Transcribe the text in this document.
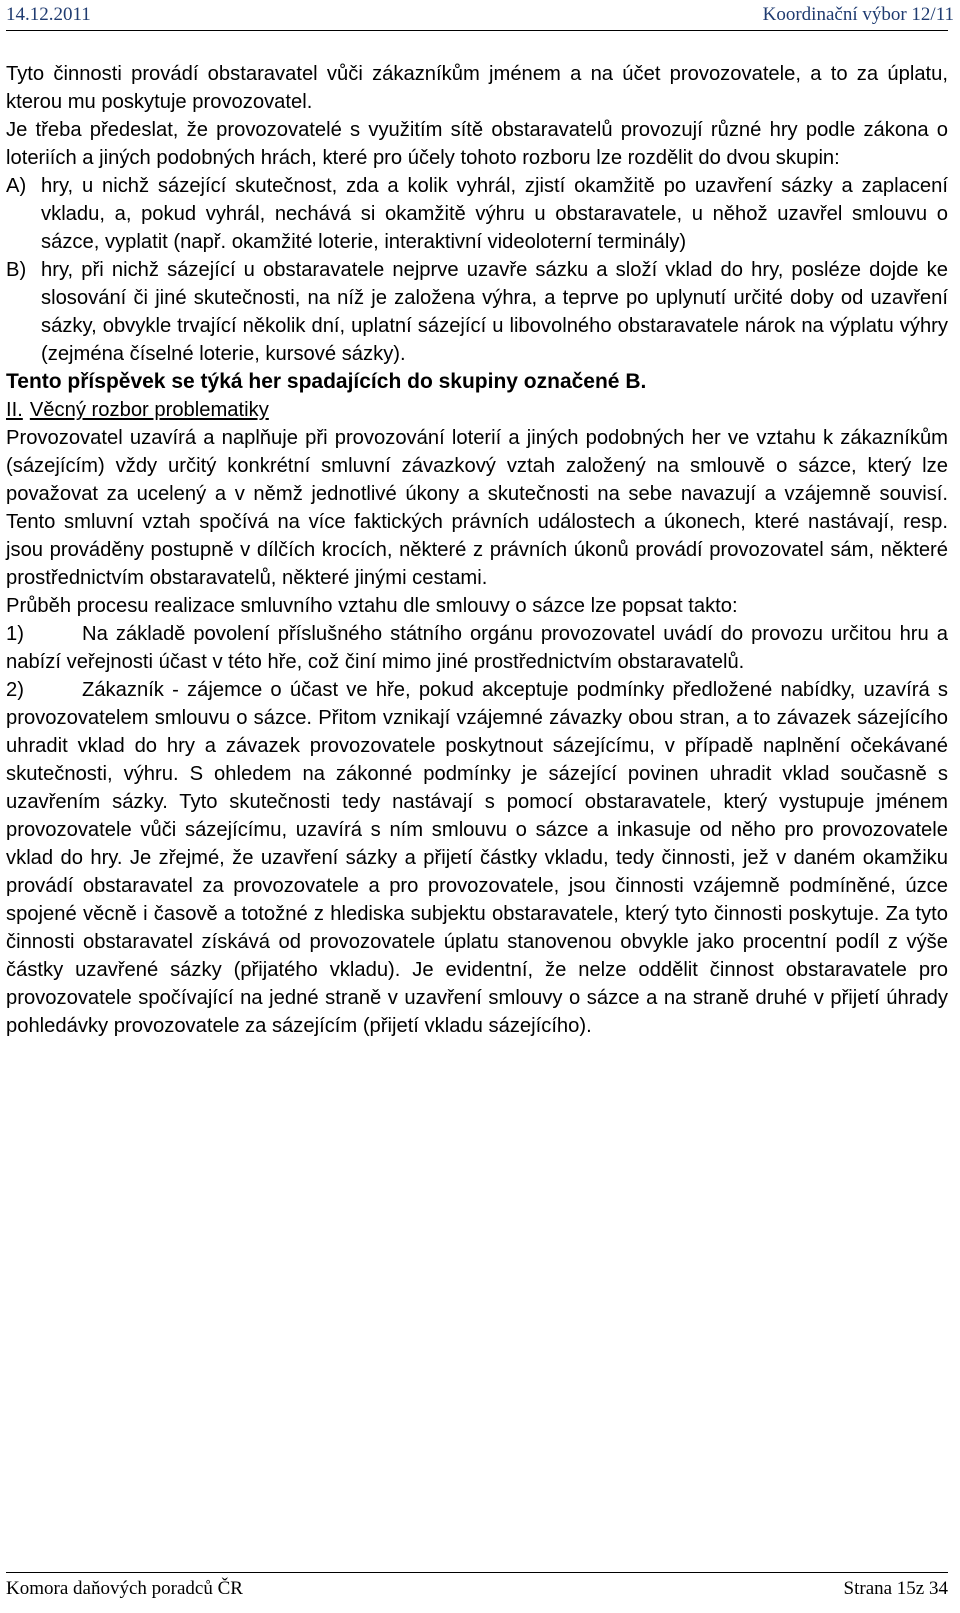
14.12.2011	Koordinační výbor 12/11

Tyto činnosti provádí obstaravatel vůči zákazníkům jménem a na účet provozovatele, a to za úplatu, kterou mu poskytuje provozovatel.

Je třeba předeslat, že provozovatelé s využitím sítě obstaravatelů provozují různé hry podle zákona o loteriích a jiných podobných hrách, které pro účely tohoto rozboru lze rozdělit do dvou skupin:

A) hry, u nichž sázející skutečnost, zda a kolik vyhrál, zjistí okamžitě po uzavření sázky a zaplacení vkladu, a, pokud vyhrál, nechává si okamžitě výhru u obstaravatele, u něhož uzavřel smlouvu o sázce, vyplatit (např. okamžité loterie, interaktivní videoloterní terminály)
B) hry, při nichž sázející u obstaravatele nejprve uzavře sázku a složí vklad do hry, posléze dojde ke slosování či jiné skutečnosti, na níž je založena výhra, a teprve po uplynutí určité doby od uzavření sázky, obvykle trvající několik dní, uplatní sázející u libovolného obstaravatele nárok na výplatu výhry (zejména číselné loterie, kursové sázky).

Tento příspěvek se týká her spadajících do skupiny označené B.

II. Věcný rozbor problematiky

Provozovatel uzavírá a naplňuje při provozování loterií a jiných podobných her ve vztahu k zákazníkům (sázejícím) vždy určitý konkrétní smluvní závazkový vztah založený na smlouvě o sázce, který lze považovat za ucelený a v němž jednotlivé úkony a skutečnosti na sebe navazují a vzájemně souvisí. Tento smluvní vztah spočívá na více faktických právních událostech a úkonech, které nastávají, resp. jsou prováděny postupně v dílčích krocích, některé z právních úkonů provádí provozovatel sám, některé prostřednictvím obstaravatelů, některé jinými cestami.

Průběh procesu realizace smluvního vztahu dle smlouvy o sázce lze popsat takto:

1)	Na základě povolení příslušného státního orgánu provozovatel uvádí do provozu určitou hru a nabízí veřejnosti účast v této hře, což činí mimo jiné prostřednictvím obstaravatelů.

2)	Zákazník - zájemce o účast ve hře, pokud akceptuje podmínky předložené nabídky, uzavírá s provozovatelem smlouvu o sázce. Přitom vznikají vzájemné závazky obou stran, a to závazek sázejícího uhradit vklad do hry a závazek provozovatele poskytnout sázejícímu, v případě naplnění očekávané skutečnosti, výhru. S ohledem na zákonné podmínky je sázející povinen uhradit vklad současně s uzavřením sázky. Tyto skutečnosti tedy nastávají s pomocí obstaravatele, který vystupuje jménem provozovatele vůči sázejícímu, uzavírá s ním smlouvu o sázce a inkasuje od něho pro provozovatele vklad do hry. Je zřejmé, že uzavření sázky a přijetí částky vkladu, tedy činnosti, jež v daném okamžiku provádí obstaravatel za provozovatele a pro provozovatele, jsou činnosti vzájemně podmíněné, úzce spojené věcně i časově a totožné z hlediska subjektu obstaravatele, který tyto činnosti poskytuje. Za tyto činnosti obstaravatel získává od provozovatele úplatu stanovenou obvykle jako procentní podíl z výše částky uzavřené sázky (přijatého vkladu). Je evidentní, že nelze oddělit činnost obstaravatele pro provozovatele spočívající na jedné straně v uzavření smlouvy o sázce a na straně druhé v přijetí úhrady pohledávky provozovatele za sázejícím (přijetí vkladu sázejícího).

Komora daňových poradců ČR	Strana 15z 34
